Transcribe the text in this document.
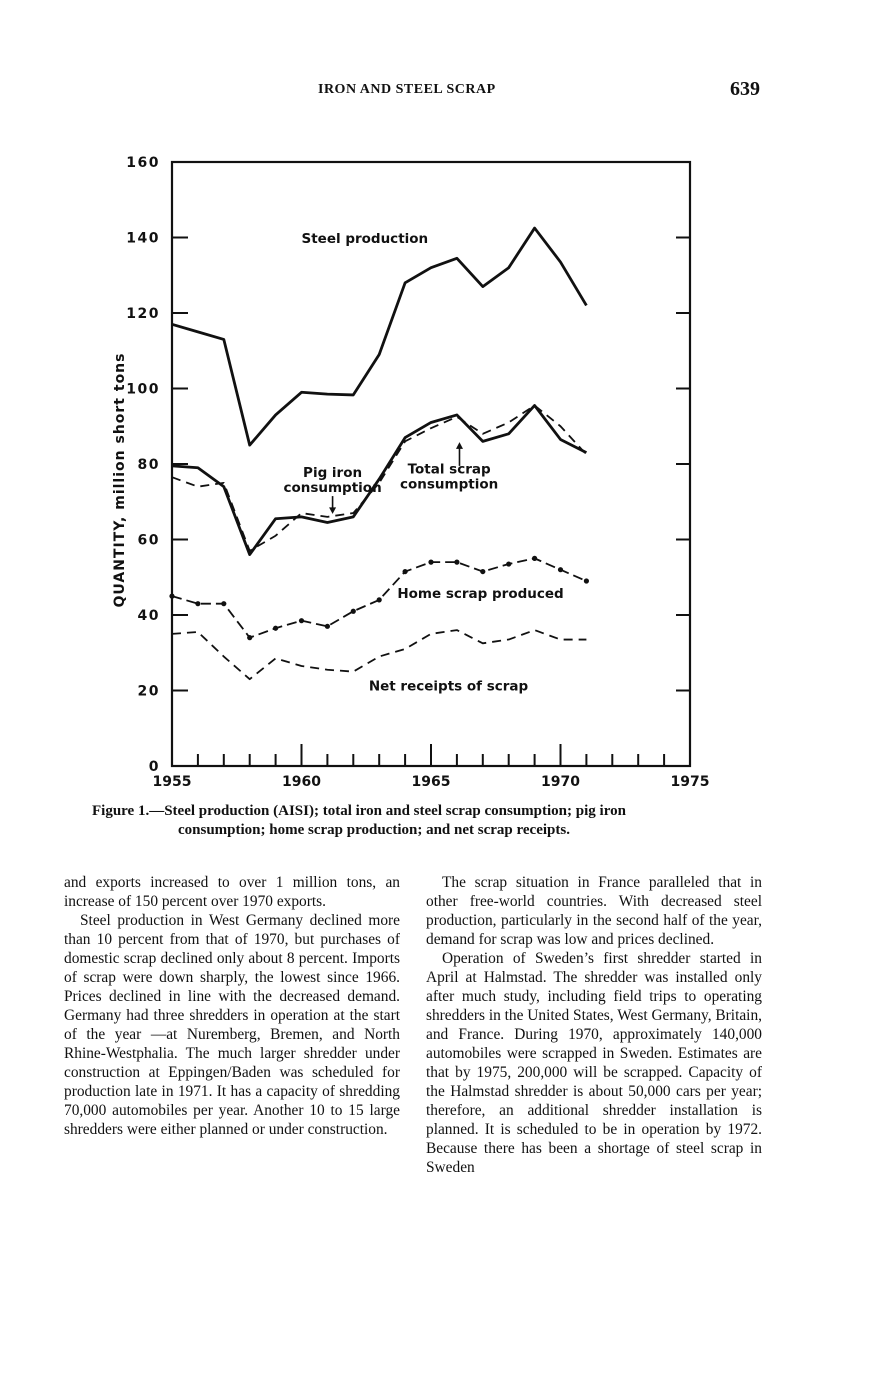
IRON AND STEEL SCRAP	639
0
20
40
60
80
100
120
140
160
1955	1960	1965	1970	1975
QUANTITY, million short tons
Steel production
Total scrap
consumption
Pig iron
consumption
Home scrap produced
Net receipts of scrap
Figure 1.—Steel production (AISI); total iron and steel scrap consumption; pig iron
consumption; home scrap production; and net scrap receipts.

and exports increased to over 1 million tons, an increase of 150 percent over 1970 exports.

Steel production in West Germany declined more than 10 percent from that of 1970, but purchases of domestic scrap declined only about 8 percent. Imports of scrap were down sharply, the lowest since 1966. Prices declined in line with the decreased demand. Germany had three shredders in operation at the start of the year —at Nuremberg, Bremen, and North Rhine-Westphalia. The much larger shredder under construction at Eppingen/Baden was scheduled for production late in 1971. It has a capacity of shredding 70,000 automobiles per year. Another 10 to 15 large shredders were either planned or under construction.

The scrap situation in France paralleled that in other free-world countries. With decreased steel production, particularly in the second half of the year, demand for scrap was low and prices declined.

Operation of Sweden’s first shredder started in April at Halmstad. The shredder was installed only after much study, including field trips to operating shredders in the United States, West Germany, Britain, and France. During 1970, approximately 140,000 automobiles were scrapped in Sweden. Estimates are that by 1975, 200,000 will be scrapped. Capacity of the Halmstad shredder is about 50,000 cars per year; therefore, an additional shredder installation is planned. It is scheduled to be in operation by 1972. Because there has been a shortage of steel scrap in Sweden
